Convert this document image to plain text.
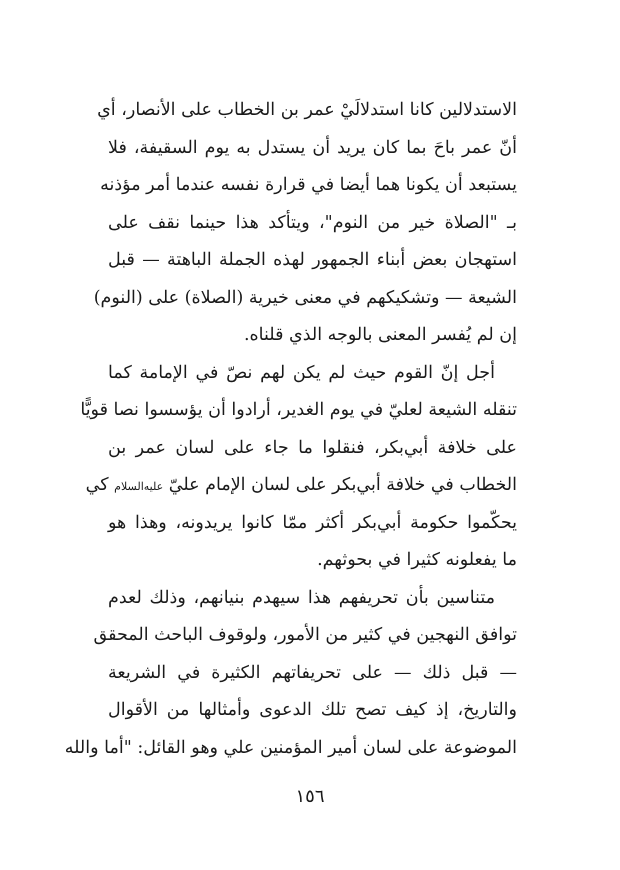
الاستدلالين كانا استدلالَيْ عمر بن الخطاب على الأنصار، أي
أنّ عمر باحَ بما كان يريد أن يستدل به يوم السقيفة، فلا
يستبعد أن يكونا هما أيضا في قرارة نفسه عندما أمر مؤذنه
بـ "الصلاة خير من النوم"، ويتأكد هذا حينما نقف على
استهجان بعض أبناء الجمهور لهذه الجملة الباهتة — قبل
الشيعة — وتشكيكهم في معنى خيرية (الصلاة) على (النوم)
إن لم يُفسر المعنى بالوجه الذي قلناه.
أجل إنّ القوم حيث لم يكن لهم نصّ في الإمامة كما
تنقله الشيعة لعليّ في يوم الغدير، أرادوا أن يؤسسوا نصا قويًّا
على خلافة أبي‌بكر، فنقلوا ما جاء على لسان عمر بن
الخطاب في خلافة أبي‌بكر على لسان الإمام عليّ عليه‌السلام كي
يحكّموا حكومة أبي‌بكر أكثر ممّا كانوا يريدونه، وهذا هو
ما يفعلونه كثيرا في بحوثهم.
متناسين بأن تحريفهم هذا سيهدم بنيانهم، وذلك لعدم
توافق النهجين في كثير من الأمور، ولوقوف الباحث المحقق
— قبل ذلك — على تحريفاتهم الكثيرة في الشريعة
والتاريخ، إذ كيف تصح تلك الدعوى وأمثالها من الأقوال
الموضوعة على لسان أمير المؤمنين علي وهو القائل: "أما والله
١٥٦
